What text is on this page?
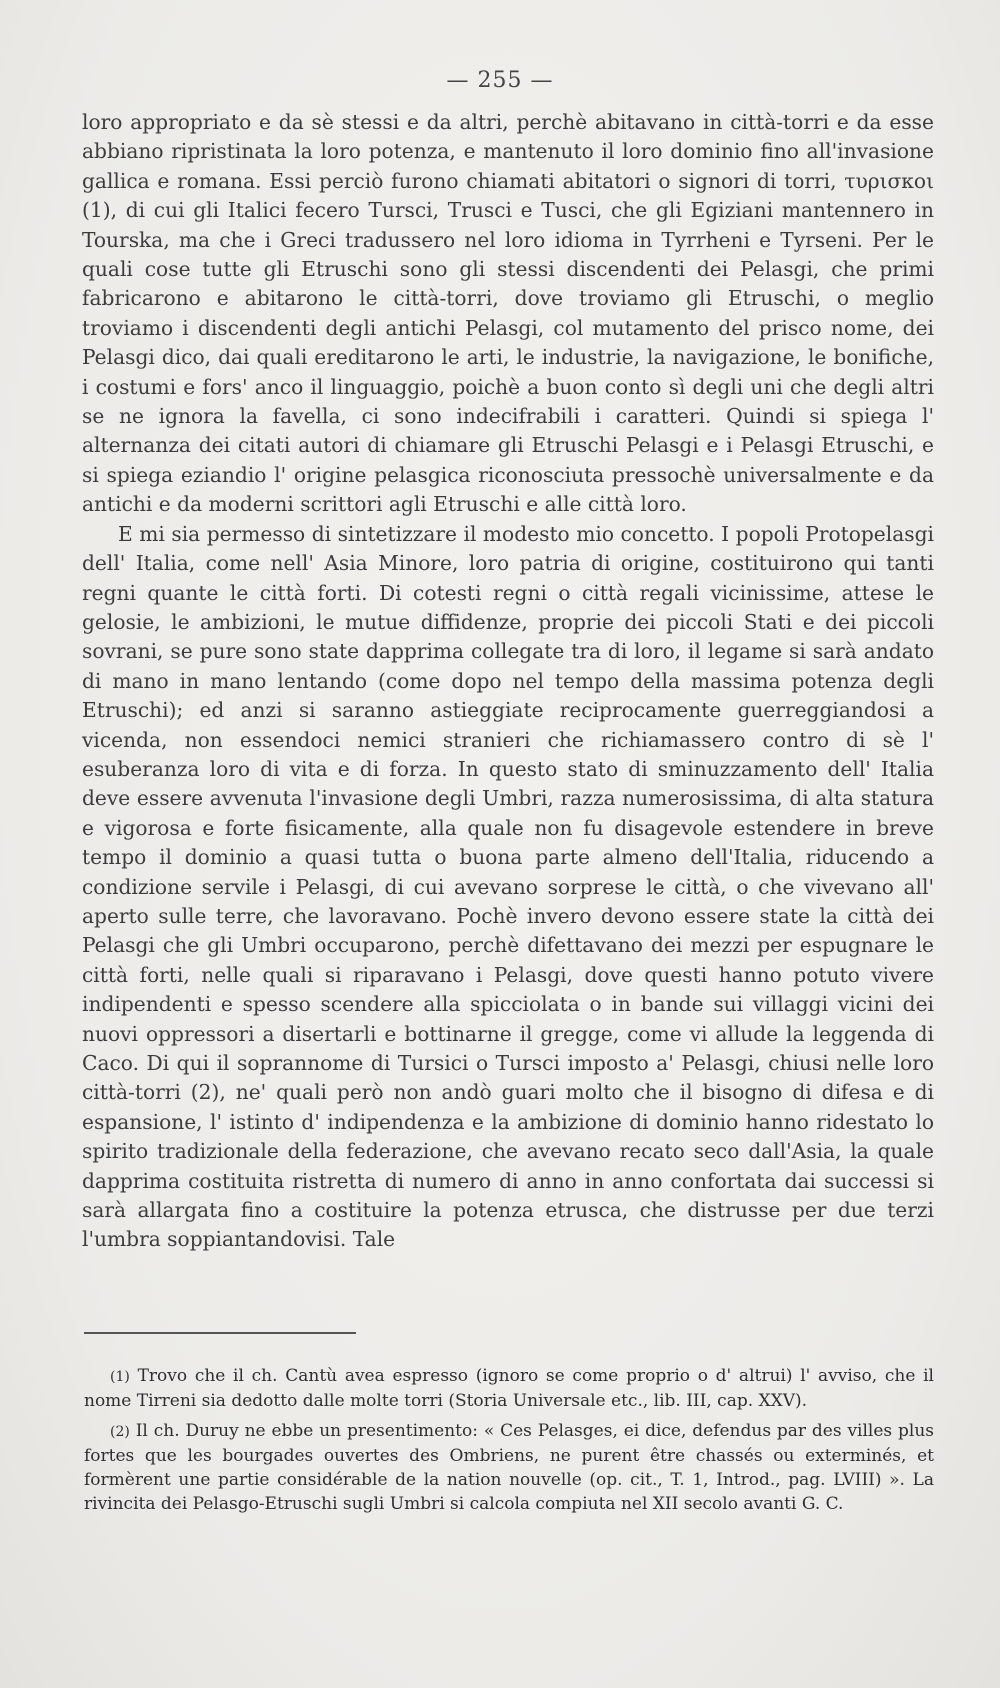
— 255 —

loro appropriato e da sè stessi e da altri, perchè abitavano in città-torri e da esse abbiano ripristinata la loro potenza, e mantenuto il loro dominio fino all'invasione gallica e romana. Essi perciò furono chiamati abitatori o signori di torri, τυρισκοι (1), di cui gli Italici fecero Tursci, Trusci e Tusci, che gli Egiziani mantennero in Tourska, ma che i Greci tradussero nel loro idioma in Tyrrheni e Tyrseni. Per le quali cose tutte gli Etruschi sono gli stessi discendenti dei Pelasgi, che primi fabricarono e abitarono le città-torri, dove troviamo gli Etruschi, o meglio troviamo i discendenti degli antichi Pelasgi, col mutamento del prisco nome, dei Pelasgi dico, dai quali ereditarono le arti, le industrie, la navigazione, le bonifiche, i costumi e fors' anco il linguaggio, poichè a buon conto sì degli uni che degli altri se ne ignora la favella, ci sono indecifrabili i caratteri. Quindi si spiega l' alternanza dei citati autori di chiamare gli Etruschi Pelasgi e i Pelasgi Etruschi, e si spiega eziandio l' origine pelasgica riconosciuta pressochè universalmente e da antichi e da moderni scrittori agli Etruschi e alle città loro.

E mi sia permesso di sintetizzare il modesto mio concetto. I popoli Protopelasgi dell' Italia, come nell' Asia Minore, loro patria di origine, costituirono qui tanti regni quante le città forti. Di cotesti regni o città regali vicinissime, attese le gelosie, le ambizioni, le mutue diffidenze, proprie dei piccoli Stati e dei piccoli sovrani, se pure sono state dapprima collegate tra di loro, il legame si sarà andato di mano in mano lentando (come dopo nel tempo della massima potenza degli Etruschi); ed anzi si saranno astieggiate reciprocamente guerreggiandosi a vicenda, non essendoci nemici stranieri che richiamassero contro di sè l' esuberanza loro di vita e di forza. In questo stato di sminuzzamento dell' Italia deve essere avvenuta l'invasione degli Umbri, razza numerosissima, di alta statura e vigorosa e forte fisicamente, alla quale non fu disagevole estendere in breve tempo il dominio a quasi tutta o buona parte almeno dell'Italia, riducendo a condizione servile i Pelasgi, di cui avevano sorprese le città, o che vivevano all' aperto sulle terre, che lavoravano. Pochè invero devono essere state la città dei Pelasgi che gli Umbri occuparono, perchè difettavano dei mezzi per espugnare le città forti, nelle quali si riparavano i Pelasgi, dove questi hanno potuto vivere indipendenti e spesso scendere alla spicciolata o in bande sui villaggi vicini dei nuovi oppressori a disertarli e bottinarne il gregge, come vi allude la leggenda di Caco. Di qui il soprannome di Tursici o Tursci imposto a' Pelasgi, chiusi nelle loro città-torri (2), ne' quali però non andò guari molto che il bisogno di difesa e di espansione, l' istinto d' indipendenza e la ambizione di dominio hanno ridestato lo spirito tradizionale della federazione, che avevano recato seco dall'Asia, la quale dapprima costituita ristretta di numero di anno in anno confortata dai successi si sarà allargata fino a costituire la potenza etrusca, che distrusse per due terzi l'umbra soppiantandovisi. Tale

(1) Trovo che il ch. Cantù avea espresso (ignoro se come proprio o d' altrui) l' avviso, che il nome Tirreni sia dedotto dalle molte torri (Storia Universale etc., lib. III, cap. XXV).

(2) Il ch. Duruy ne ebbe un presentimento: « Ces Pelasges, ei dice, defendus par des villes plus fortes que les bourgades ouvertes des Ombriens, ne purent être chassés ou exterminés, et formèrent une partie considérable de la nation nouvelle (op. cit., T. 1, Introd., pag. LVIII) ». La rivincita dei Pelasgo-Etruschi sugli Umbri si calcola compiuta nel XII secolo avanti G. C.
